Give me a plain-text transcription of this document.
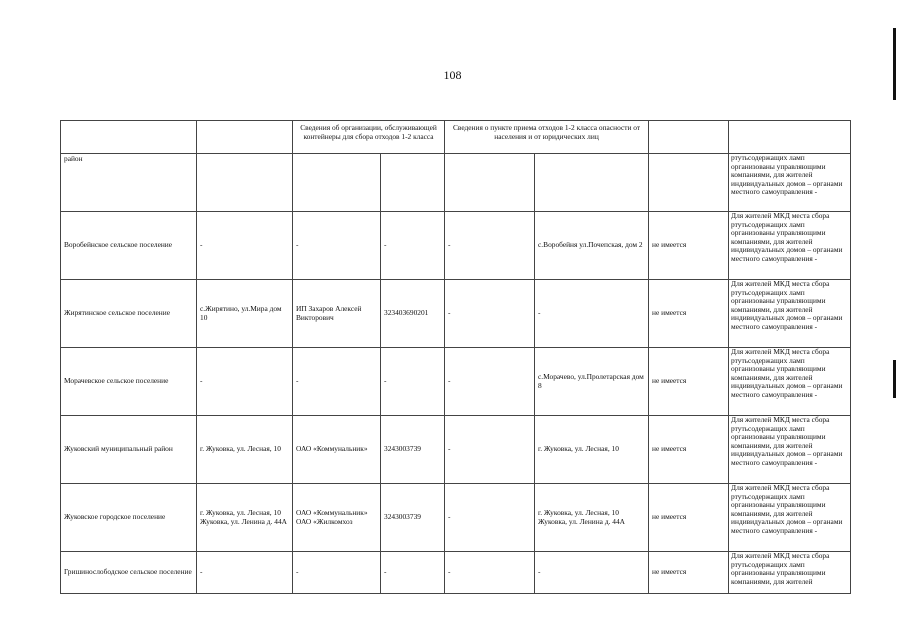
108
		Сведения об организации, обслуживающей контейнеры для сбора отходов 1-2 класса		Сведения о пункте приема отходов 1-2 класса опасности от населения и от юридических лиц			
район							ртутьсодержащих ламп организованы управляющими компаниями, для жителей индивидуальных домов – органами местного самоуправления -
Воробейнское сельское поселение	-	-	-	-	с.Воробейня ул.Почепская, дом 2	не имеется	Для жителей МКД места сбора ртутьсодержащих ламп организованы управляющими компаниями, для жителей индивидуальных домов – органами местного самоуправления -
Жирятинское сельское поселение	с.Жирятино, ул.Мира дом 10	ИП Захаров Алексей Викторович	323403690201	-	-	не имеется	Для жителей МКД места сбора ртутьсодержащих ламп организованы управляющими компаниями, для жителей индивидуальных домов – органами местного самоуправления -
Морачевское сельское поселение	-	-	-	-	с.Морачево, ул.Пролетарская дом 8	не имеется	Для жителей МКД места сбора ртутьсодержащих ламп организованы управляющими компаниями, для жителей индивидуальных домов – органами местного самоуправления -
Жуковский муниципальный район	г. Жуковка, ул. Лесная, 10	ОАО «Коммунальник»	3243003739	-	г. Жуковка, ул. Лесная, 10	не имеется	Для жителей МКД места сбора ртутьсодержащих ламп организованы управляющими компаниями, для жителей индивидуальных домов – органами местного самоуправления -
Жуковское городское поселение	г. Жуковка, ул. Лесная, 10 Жуковка, ул. Ленина д. 44А	ОАО «Коммунальник» ОАО «Жилкомхоз	3243003739	-	г. Жуковка, ул. Лесная, 10 Жуковка, ул. Ленина д. 44А	не имеется	Для жителей МКД места сбора ртутьсодержащих ламп организованы управляющими компаниями, для жителей индивидуальных домов – органами местного самоуправления -
Гришинослободское сельское поселение	-	-	-	-	-	не имеется	Для жителей МКД места сбора ртутьсодержащих ламп организованы управляющими компаниями, для жителей
